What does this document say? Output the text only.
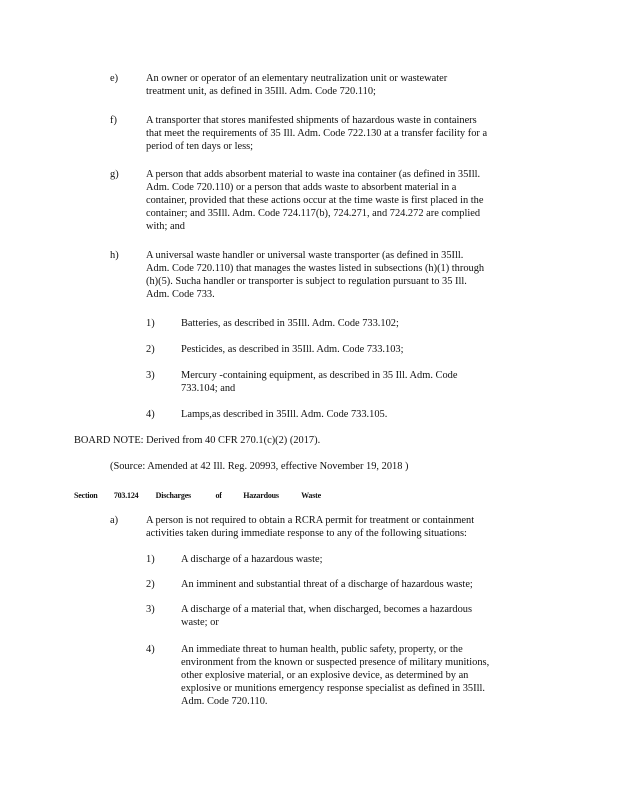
e)	An owner or operator of an elementary neutralization unit or wastewater
treatment unit, as defined in 35Ill. Adm. Code 720.110;
f)	A transporter that stores manifested shipments of hazardous waste in containers
that meet the requirements of 35 Ill. Adm. Code 722.130 at a transfer facility for a
period of ten days or less;
g)	A person that adds absorbent material to waste ina container (as defined in 35Ill.
Adm. Code 720.110) or a person that adds waste to absorbent material in a
container, provided that these actions occur at the time waste is first placed in the
container; and 35Ill. Adm. Code 724.117(b), 724.271, and 724.272 are complied
with; and
h)	A universal waste handler or universal waste transporter (as defined in 35Ill.
Adm. Code 720.110) that manages the wastes listed in subsections (h)(1) through
(h)(5). Sucha handler or transporter is subject to regulation pursuant to 35 Ill.
Adm. Code 733.
1)	Batteries, as described in 35Ill. Adm. Code 733.102;
2)	Pesticides, as described in 35Ill. Adm. Code 733.103;
3)	Mercury -containing equipment, as described in 35 Ill. Adm. Code
733.104; and
4)	Lamps,as described in 35Ill. Adm. Code 733.105.
BOARD NOTE: Derived from 40 CFR 270.1(c)(2) (2017).
(Source: Amended at 42 Ill. Reg. 20993, effective November 19, 2018 )
Section 703.124 Discharges	of	Hazardous	Waste
a)	A person is not required to obtain a RCRA permit for treatment or containment
activities taken during immediate response to any of the following situations:
1)	A discharge of a hazardous waste;
2)	An imminent and substantial threat of a discharge of hazardous waste;
3)	A discharge of a material that, when discharged, becomes a hazardous
waste; or
4)	An immediate threat to human health, public safety, property, or the
environment from the known or suspected presence of military munitions,
other explosive material, or an explosive device, as determined by an
explosive or munitions emergency response specialist as defined in 35Ill.
Adm. Code 720.110.
